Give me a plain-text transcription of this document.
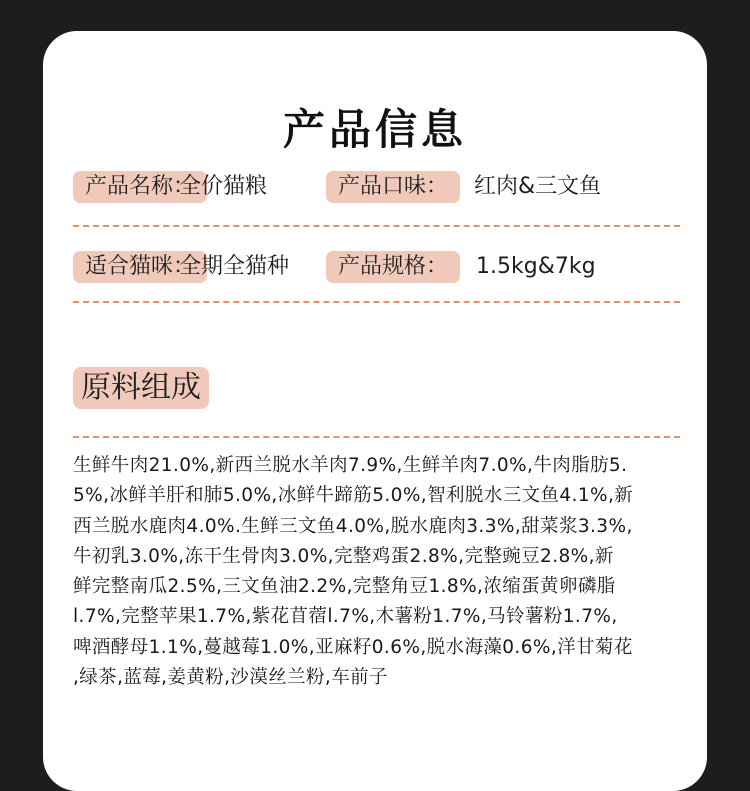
产品信息
产品名称：
全价猫粮	产品口味：	红肉&三文鱼
适合猫咪：
全期全猫种	产品规格：	1.5kg&7kg
原料组成
生鲜牛肉21.0%,新西兰脱水羊肉7.9%,生鲜羊肉7.0%,牛肉脂肪5.
5%,冰鲜羊肝和肺5.0%,冰鲜牛蹄筋5.0%,智利脱水三文鱼4.1%,新
西兰脱水鹿肉4.0%.生鲜三文鱼4.0%,脱水鹿肉3.3%,甜菜浆3.3%,
牛初乳3.0%,冻干生骨肉3.0%,完整鸡蛋2.8%,完整豌豆2.8%,新
鲜完整南瓜2.5%,三文鱼油2.2%,完整角豆1.8%,浓缩蛋黄卵磷脂
l.7%,完整苹果1.7%,紫花苜蓿l.7%,木薯粉1.7%,马铃薯粉1.7%,
啤酒酵母1.1%,蔓越莓1.0%,亚麻籽0.6%,脱水海藻0.6%,洋甘菊花
,绿茶,蓝莓,姜黄粉,沙漠丝兰粉,车前子
